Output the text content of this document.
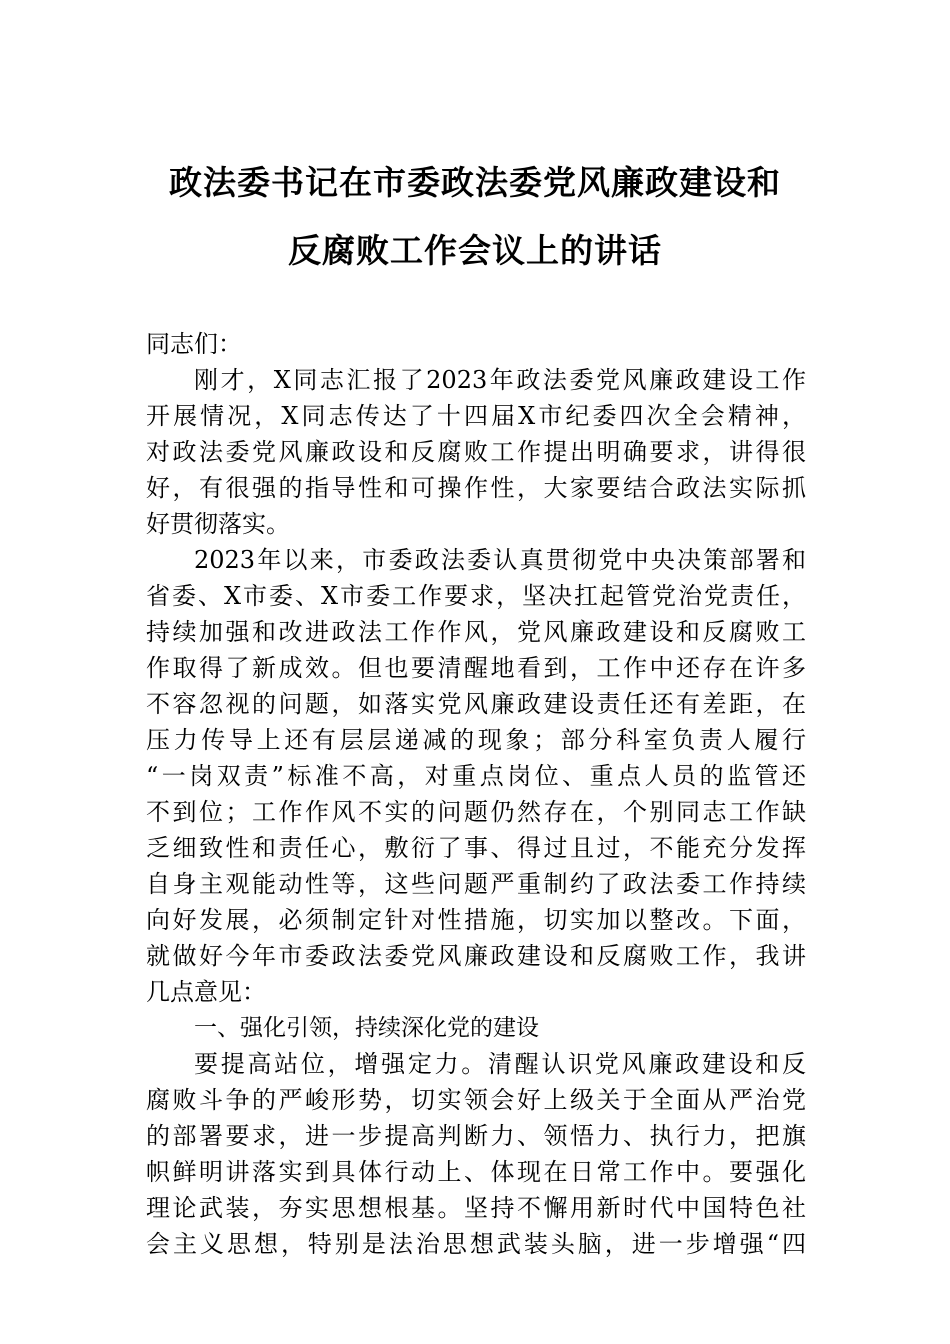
政法委书记在市委政法委党风廉政建设和
反腐败工作会议上的讲话
同志们：
刚才，X同志汇报了2023年政法委党风廉政建设工作
开展情况，X同志传达了十四届X市纪委四次全会精神，
对政法委党风廉政设和反腐败工作提出明确要求，讲得很
好，有很强的指导性和可操作性，大家要结合政法实际抓
好贯彻落实。
2023年以来，市委政法委认真贯彻党中央决策部署和
省委、X市委、X市委工作要求，坚决扛起管党治党责任，
持续加强和改进政法工作作风，党风廉政建设和反腐败工
作取得了新成效。但也要清醒地看到，工作中还存在许多
不容忽视的问题，如落实党风廉政建设责任还有差距，在
压力传导上还有层层递减的现象；部分科室负责人履行
“一岗双责”标准不高，对重点岗位、重点人员的监管还
不到位；工作作风不实的问题仍然存在，个别同志工作缺
乏细致性和责任心，敷衍了事、得过且过，不能充分发挥
自身主观能动性等，这些问题严重制约了政法委工作持续
向好发展，必须制定针对性措施，切实加以整改。下面，
就做好今年市委政法委党风廉政建设和反腐败工作，我讲
几点意见：
一、强化引领，持续深化党的建设
要提高站位，增强定力。清醒认识党风廉政建设和反
腐败斗争的严峻形势，切实领会好上级关于全面从严治党
的部署要求，进一步提高判断力、领悟力、执行力，把旗
帜鲜明讲落实到具体行动上、体现在日常工作中。要强化
理论武装，夯实思想根基。坚持不懈用新时代中国特色社
会主义思想，特别是法治思想武装头脑，进一步增强“四
